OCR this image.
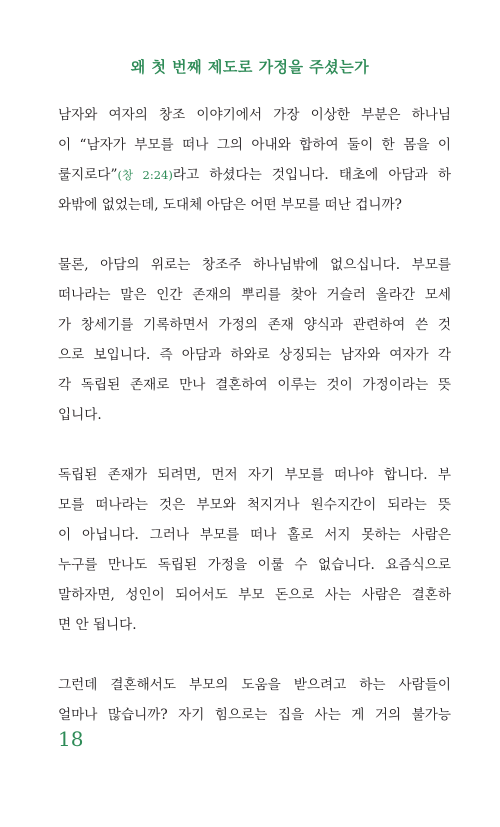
왜 첫 번째 제도로 가정을 주셨는가
남자와 여자의 창조 이야기에서 가장 이상한 부분은 하나님
이 “남자가 부모를 떠나 그의 아내와 합하여 둘이 한 몸을 이
룰지로다”(창 2:24)라고 하셨다는 것입니다. 태초에 아담과 하
와밖에 없었는데, 도대체 아담은 어떤 부모를 떠난 겁니까?
물론, 아담의 위로는 창조주 하나님밖에 없으십니다. 부모를
떠나라는 말은 인간 존재의 뿌리를 찾아 거슬러 올라간 모세
가 창세기를 기록하면서 가정의 존재 양식과 관련하여 쓴 것
으로 보입니다. 즉 아담과 하와로 상징되는 남자와 여자가 각
각 독립된 존재로 만나 결혼하여 이루는 것이 가정이라는 뜻
입니다.
독립된 존재가 되려면, 먼저 자기 부모를 떠나야 합니다. 부
모를 떠나라는 것은 부모와 척지거나 원수지간이 되라는 뜻
이 아닙니다. 그러나 부모를 떠나 홀로 서지 못하는 사람은
누구를 만나도 독립된 가정을 이룰 수 없습니다. 요즘식으로
말하자면, 성인이 되어서도 부모 돈으로 사는 사람은 결혼하
면 안 됩니다.
그런데 결혼해서도 부모의 도움을 받으려고 하는 사람들이
얼마나 많습니까? 자기 힘으로는 집을 사는 게 거의 불가능
18
